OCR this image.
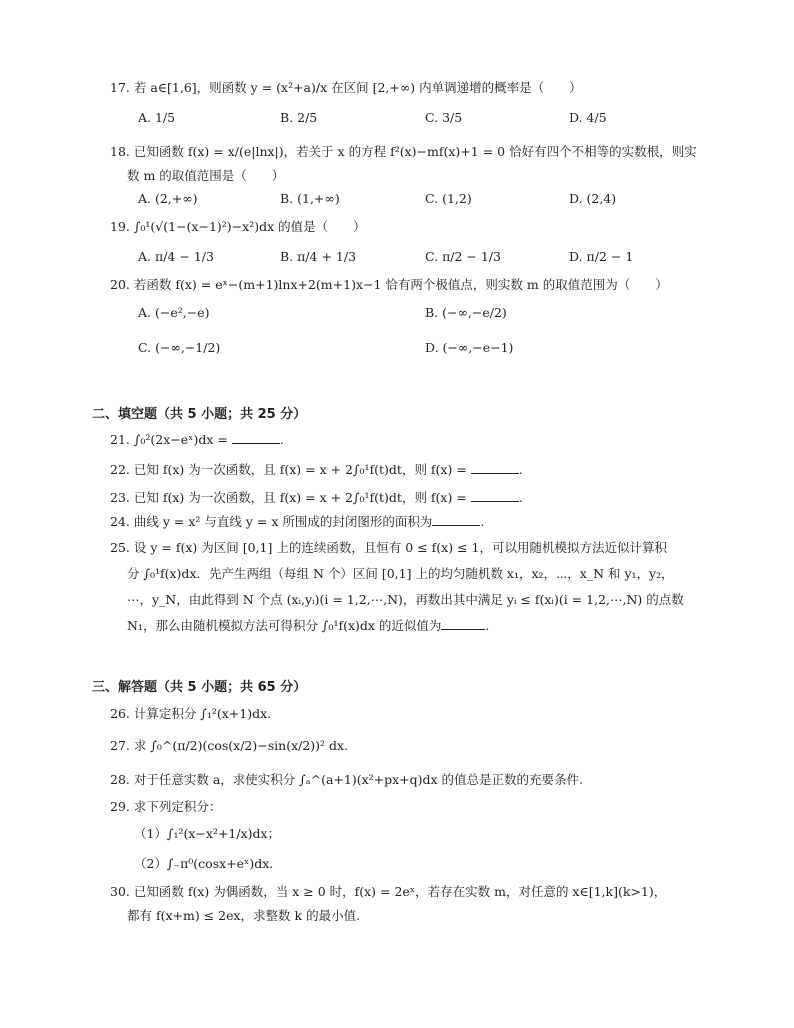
17. 若 a∈[1,6]，则函数 y = (x²+a)/x 在区间 [2,+∞) 内单调递增的概率是（　　）
A. 1/5	B. 2/5	C. 3/5	D. 4/5
18. 已知函数 f(x) = x/(e|lnx|)，若关于 x 的方程 f²(x)−mf(x)+1 = 0 恰好有四个不相等的实数根，则实
数 m 的取值范围是（　　）
A. (2,+∞)	B. (1,+∞)	C. (1,2)	D. (2,4)
19. ∫₀¹(√(1−(x−1)²)−x²)dx 的值是（　　）
A. π/4 − 1/3	B. π/4 + 1/3	C. π/2 − 1/3	D. π/2 − 1
20. 若函数 f(x) = eˣ−(m+1)lnx+2(m+1)x−1 恰有两个极值点，则实数 m 的取值范围为（　　）
A. (−e²,−e)	B. (−∞,−e/2)
C. (−∞,−1/2)	D. (−∞,−e−1)
二、填空题（共 5 小题；共 25 分）
21. ∫₀²(2x−eˣ)dx =	.
22. 已知 f(x) 为一次函数，且 f(x) = x + 2∫₀¹f(t)dt，则 f(x) =	.
23. 已知 f(x) 为一次函数，且 f(x) = x + 2∫₀¹f(t)dt，则 f(x) =	.
24. 曲线 y = x² 与直线 y = x 所围成的封闭图形的面积为	.
25. 设 y = f(x) 为区间 [0,1] 上的连续函数，且恒有 0 ≤ f(x) ≤ 1，可以用随机模拟方法近似计算积
分 ∫₀¹f(x)dx．先产生两组（每组 N 个）区间 [0,1] 上的均匀随机数 x₁，x₂，⋯，x_N 和 y₁，y₂，
⋯，y_N，由此得到 N 个点 (xᵢ,yᵢ)(i = 1,2,⋯,N)，再数出其中满足 yᵢ ≤ f(xᵢ)(i = 1,2,⋯,N) 的点数
N₁，那么由随机模拟方法可得积分 ∫₀¹f(x)dx 的近似值为	.
三、解答题（共 5 小题；共 65 分）
26. 计算定积分 ∫₁²(x+1)dx.
27. 求 ∫₀^(π/2)(cos(x/2)−sin(x/2))² dx.
28. 对于任意实数 a，求使实积分 ∫ₐ^(a+1)(x²+px+q)dx 的值总是正数的充要条件.
29. 求下列定积分：
（1）∫₁²(x−x²+1/x)dx；
（2）∫₋π⁰(cosx+eˣ)dx.
30. 已知函数 f(x) 为偶函数，当 x ≥ 0 时，f(x) = 2eˣ，若存在实数 m，对任意的 x∈[1,k](k>1)，
都有 f(x+m) ≤ 2ex，求整数 k 的最小值.
